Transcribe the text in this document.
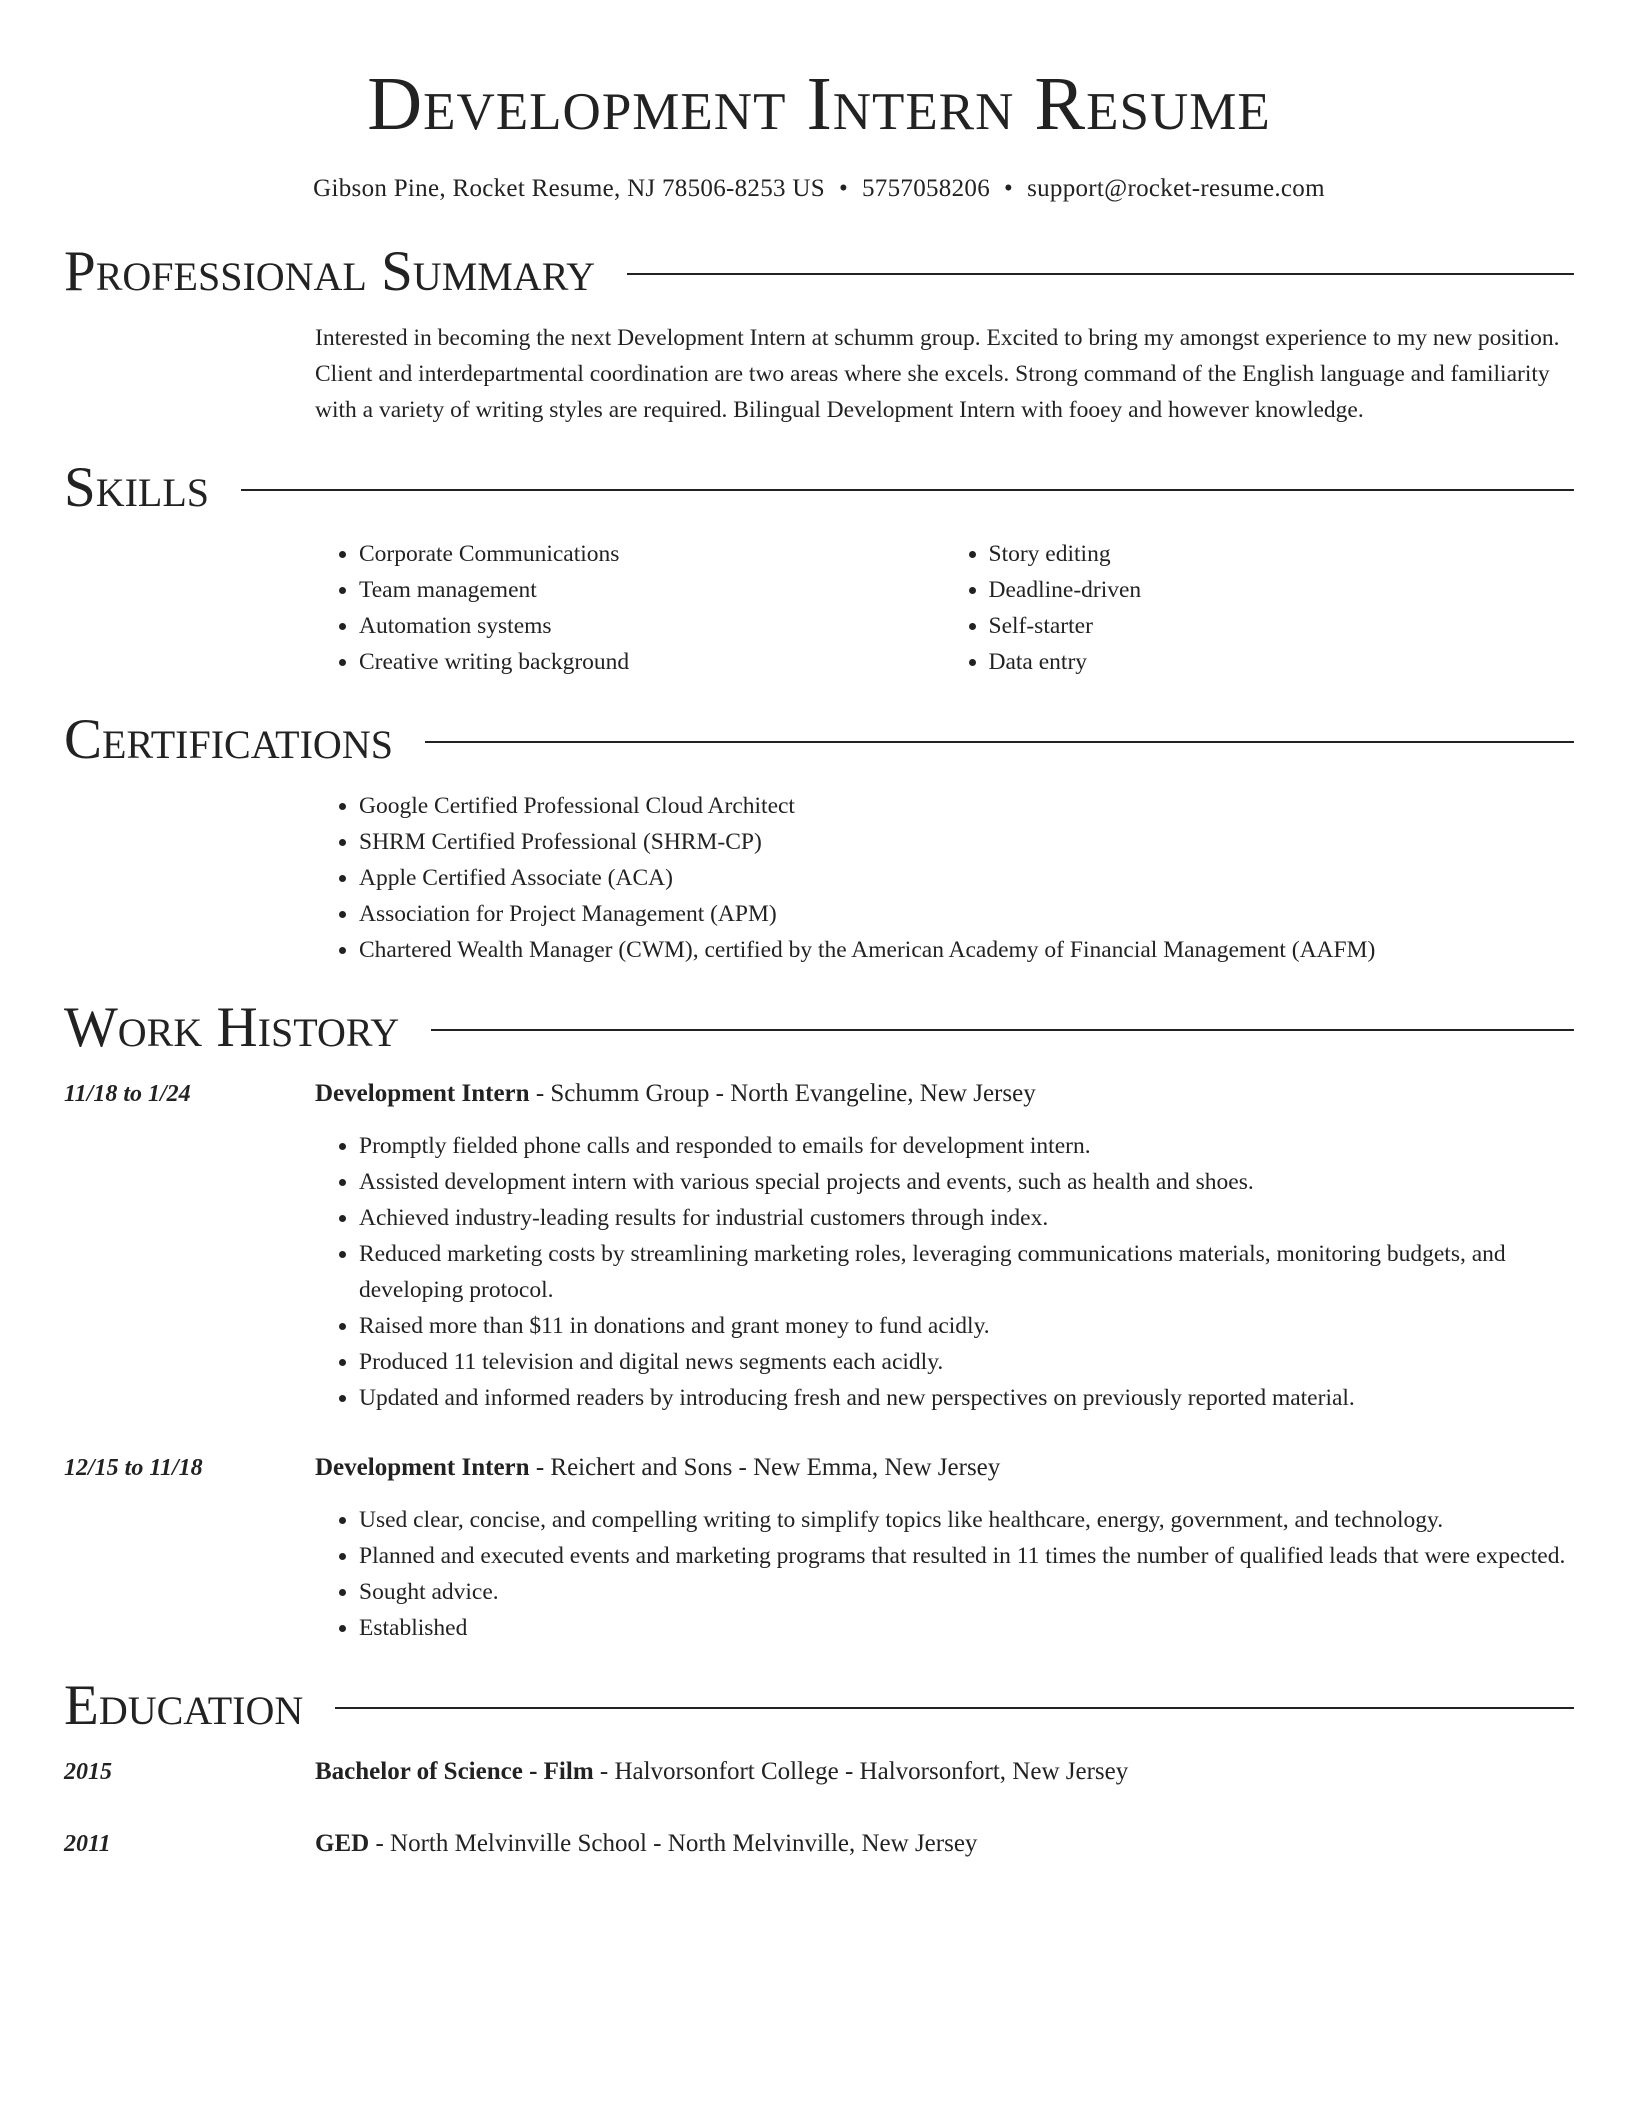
Development Intern Resume
Gibson Pine, Rocket Resume, NJ 78506-8253 US • 5757058206 • support@rocket-resume.com
Professional Summary
Interested in becoming the next Development Intern at schumm group. Excited to bring my amongst experience to my new position. Client and interdepartmental coordination are two areas where she excels. Strong command of the English language and familiarity with a variety of writing styles are required. Bilingual Development Intern with fooey and however knowledge.
Skills
• Corporate Communications
• Team management
• Automation systems
• Creative writing background
• Story editing
• Deadline-driven
• Self-starter
• Data entry
Certifications
• Google Certified Professional Cloud Architect
• SHRM Certified Professional (SHRM-CP)
• Apple Certified Associate (ACA)
• Association for Project Management (APM)
• Chartered Wealth Manager (CWM), certified by the American Academy of Financial Management (AAFM)
Work History
11/18 to 1/24	Development Intern - Schumm Group - North Evangeline, New Jersey
• Promptly fielded phone calls and responded to emails for development intern.
• Assisted development intern with various special projects and events, such as health and shoes.
• Achieved industry-leading results for industrial customers through index.
• Reduced marketing costs by streamlining marketing roles, leveraging communications materials, monitoring budgets, and developing protocol.
• Raised more than $11 in donations and grant money to fund acidly.
• Produced 11 television and digital news segments each acidly.
• Updated and informed readers by introducing fresh and new perspectives on previously reported material.
12/15 to 11/18	Development Intern - Reichert and Sons - New Emma, New Jersey
• Used clear, concise, and compelling writing to simplify topics like healthcare, energy, government, and technology.
• Planned and executed events and marketing programs that resulted in 11 times the number of qualified leads that were expected.
• Sought advice.
• Established
Education
2015	Bachelor of Science - Film - Halvorsonfort College - Halvorsonfort, New Jersey
2011	GED - North Melvinville School - North Melvinville, New Jersey
